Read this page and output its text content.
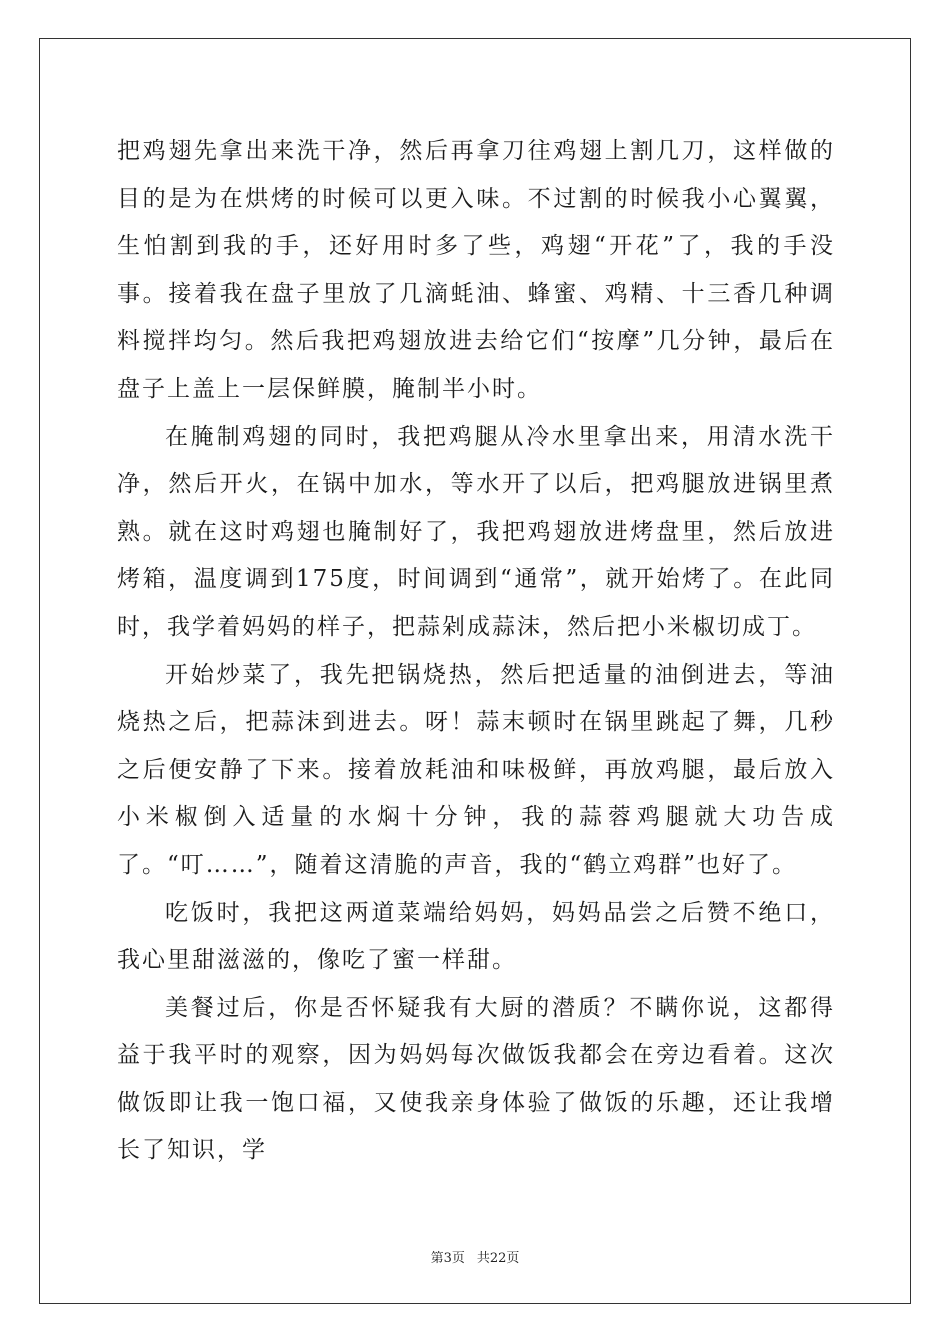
把鸡翅先拿出来洗干净，然后再拿刀往鸡翅上割几刀，这样做的目的是为在烘烤的时候可以更入味。不过割的时候我小心翼翼，生怕割到我的手，还好用时多了些，鸡翅“开花”了，我的手没事。接着我在盘子里放了几滴蚝油、蜂蜜、鸡精、十三香几种调料搅拌均匀。然后我把鸡翅放进去给它们“按摩”几分钟，最后在盘子上盖上一层保鲜膜，腌制半小时。

在腌制鸡翅的同时，我把鸡腿从冷水里拿出来，用清水洗干净，然后开火，在锅中加水，等水开了以后，把鸡腿放进锅里煮熟。就在这时鸡翅也腌制好了，我把鸡翅放进烤盘里，然后放进烤箱，温度调到175度，时间调到“通常”，就开始烤了。在此同时，我学着妈妈的样子，把蒜剁成蒜沫，然后把小米椒切成丁。

开始炒菜了，我先把锅烧热，然后把适量的油倒进去，等油烧热之后，把蒜沫到进去。呀！蒜末顿时在锅里跳起了舞，几秒之后便安静了下来。接着放耗油和味极鲜，再放鸡腿，最后放入小米椒倒入适量的水焖十分钟，我的蒜蓉鸡腿就大功告成了。“叮……”，随着这清脆的声音，我的“鹤立鸡群”也好了。

吃饭时，我把这两道菜端给妈妈，妈妈品尝之后赞不绝口，我心里甜滋滋的，像吃了蜜一样甜。

美餐过后，你是否怀疑我有大厨的潜质？不瞒你说，这都得益于我平时的观察，因为妈妈每次做饭我都会在旁边看着。这次做饭即让我一饱口福，又使我亲身体验了做饭的乐趣，还让我增长了知识，学

第3页 共22页
